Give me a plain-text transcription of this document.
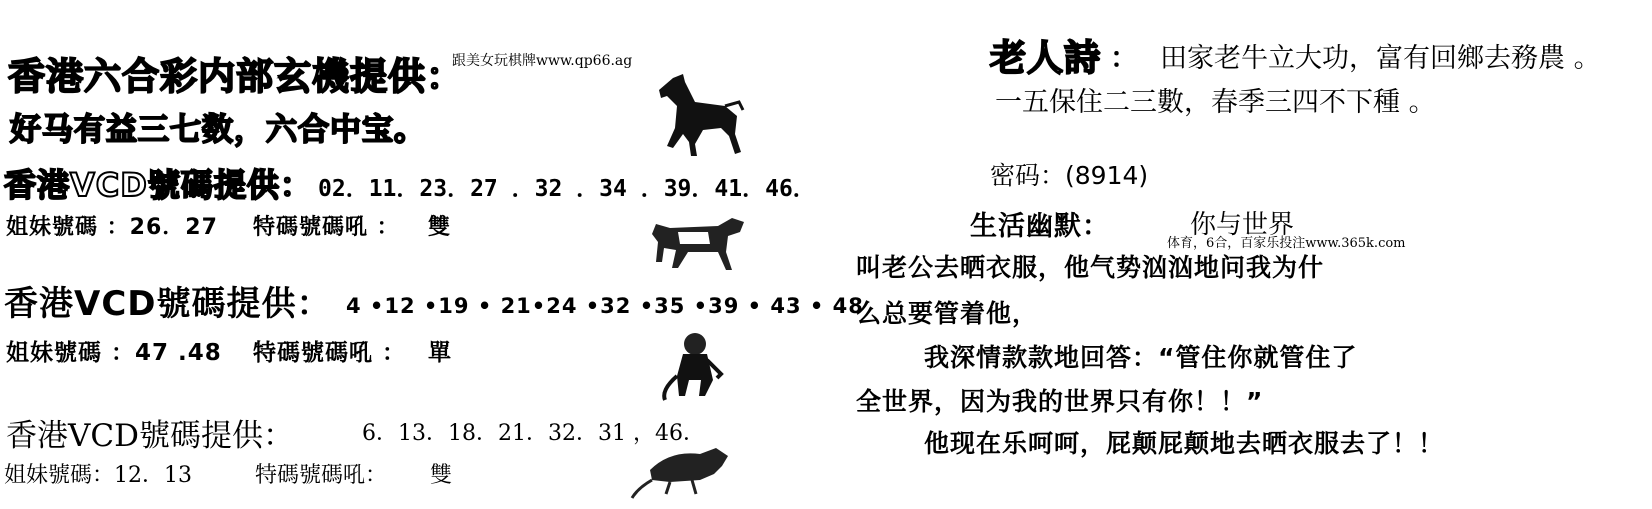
香港六合彩内部玄機提供：
跟美女玩棋牌www.qp66.ag
好马有益三七数，六合中宝。
香港VCD號碼提供： 02．11．23．27 ．32 ．34 ．39．41．46．
姐妹號碼 ：26．27 特碼號碼吼 ： 雙
香港VCD號碼提供： 4 •12 •19 • 21•24 •32 •35 •39 • 43 • 48
姐妹號碼 ：47 .48 特碼號碼吼 ： 單
香港VCD號碼提供：	6．13．18．21．32．31 ，46．
姐妹號碼：12．13	特碼號碼吼： 雙
老人詩 ： 田家老牛立大功，富有回鄉去務農 。
一五保住二三數，春季三四不下種 。
密码：(8914)
生活幽默：	你与世界
体育，6合，百家乐投注www.365k.com
叫老公去晒衣服，他气势汹汹地问我为什
么总要管着他，
我深情款款地回答：“管住你就管住了
全世界，因为我的世界只有你！！”
他现在乐呵呵，屁颠屁颠地去晒衣服去了！！
